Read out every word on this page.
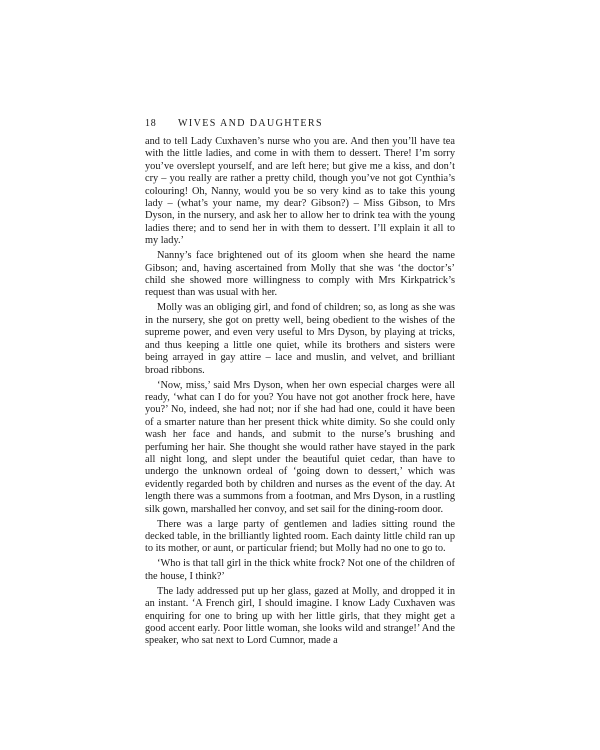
18 WIVES AND DAUGHTERS

and to tell Lady Cuxhaven’s nurse who you are. And then you’ll have tea with the little ladies, and come in with them to dessert. There! I’m sorry you’ve overslept yourself, and are left here; but give me a kiss, and don’t cry – you really are rather a pretty child, though you’ve not got Cynthia’s colouring! Oh, Nanny, would you be so very kind as to take this young lady – (what’s your name, my dear? Gibson?) – Miss Gibson, to Mrs Dyson, in the nursery, and ask her to allow her to drink tea with the young ladies there; and to send her in with them to dessert. I’ll explain it all to my lady.’

Nanny’s face brightened out of its gloom when she heard the name Gibson; and, having ascertained from Molly that she was ‘the doctor’s’ child she showed more willingness to comply with Mrs Kirkpatrick’s request than was usual with her.

Molly was an obliging girl, and fond of children; so, as long as she was in the nursery, she got on pretty well, being obedient to the wishes of the supreme power, and even very useful to Mrs Dyson, by playing at tricks, and thus keeping a little one quiet, while its brothers and sisters were being arrayed in gay attire – lace and muslin, and velvet, and brilliant broad ribbons.

‘Now, miss,’ said Mrs Dyson, when her own especial charges were all ready, ‘what can I do for you? You have not got another frock here, have you?’ No, indeed, she had not; nor if she had had one, could it have been of a smarter nature than her present thick white dimity. So she could only wash her face and hands, and submit to the nurse’s brushing and perfuming her hair. She thought she would rather have stayed in the park all night long, and slept under the beautiful quiet cedar, than have to undergo the unknown ordeal of ‘going down to dessert,’ which was evidently regarded both by children and nurses as the event of the day. At length there was a summons from a footman, and Mrs Dyson, in a rustling silk gown, marshalled her convoy, and set sail for the dining-room door.

There was a large party of gentlemen and ladies sitting round the decked table, in the brilliantly lighted room. Each dainty little child ran up to its mother, or aunt, or particular friend; but Molly had no one to go to.

‘Who is that tall girl in the thick white frock? Not one of the children of the house, I think?’

The lady addressed put up her glass, gazed at Molly, and dropped it in an instant. ‘A French girl, I should imagine. I know Lady Cuxhaven was enquiring for one to bring up with her little girls, that they might get a good accent early. Poor little woman, she looks wild and strange!’ And the speaker, who sat next to Lord Cumnor, made a
